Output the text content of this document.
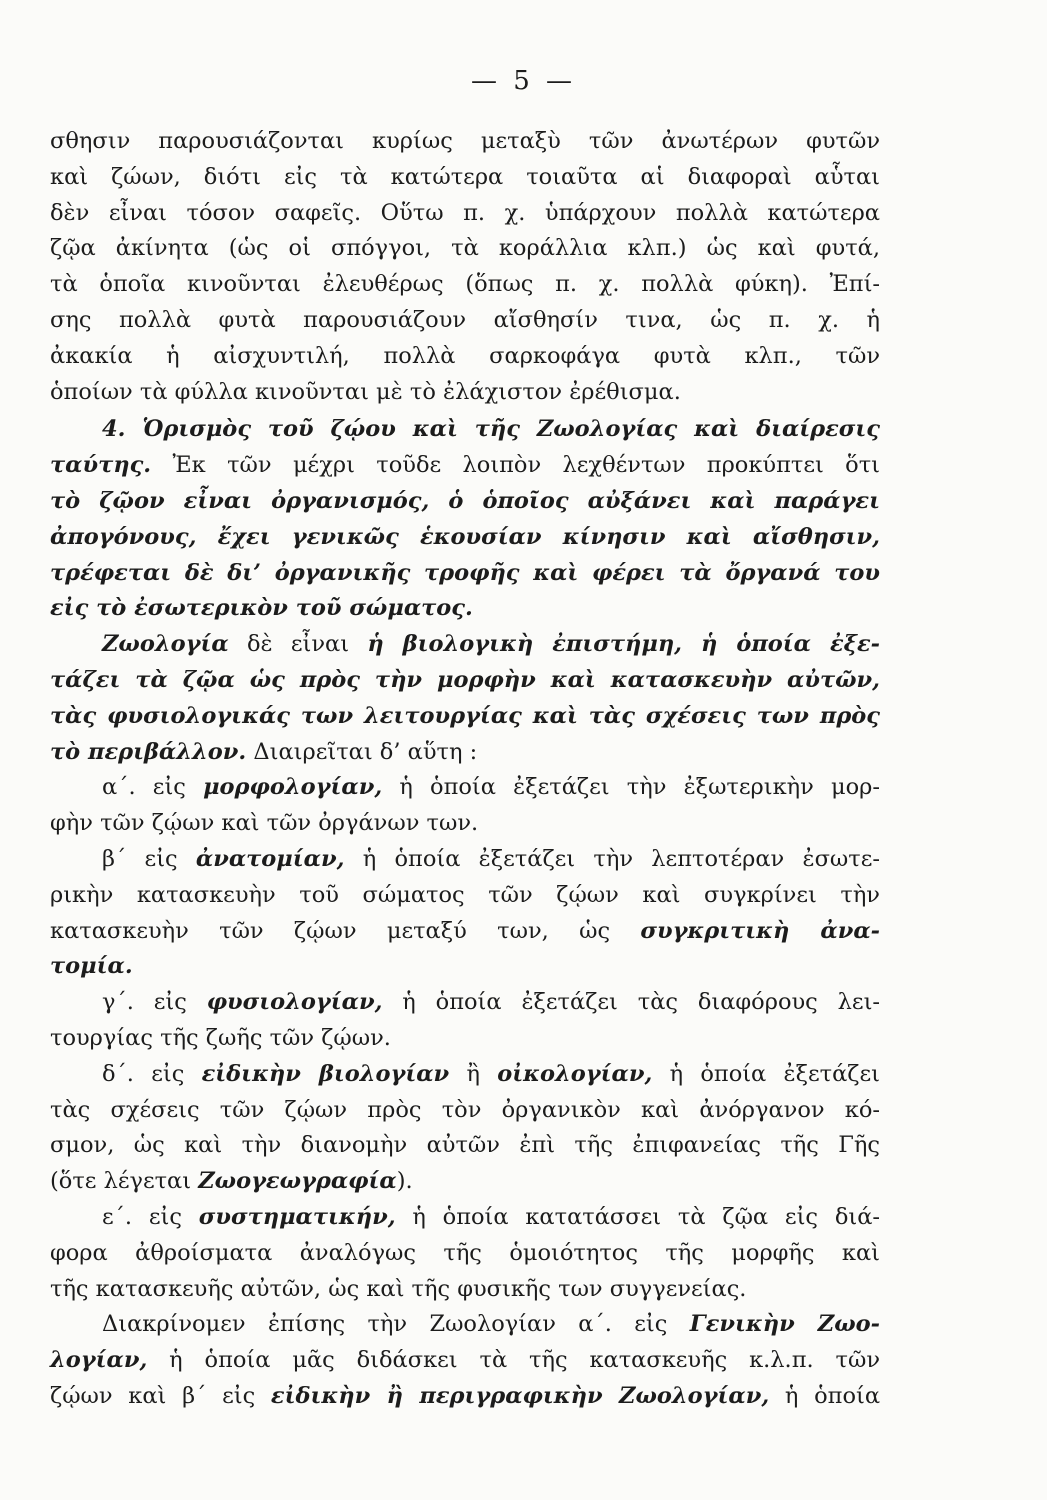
— 5 —
σθησιν παρουσιάζονται κυρίως μεταξὺ τῶν ἀνωτέρων φυτῶν
καὶ ζώων, διότι εἰς τὰ κατώτερα τοιαῦτα αἱ διαφοραὶ αὗται
δὲν εἶναι τόσον σαφεῖς. Οὕτω π. χ. ὑπάρχουν πολλὰ κατώτερα
ζῷα ἀκίνητα (ὡς οἱ σπόγγοι, τὰ κοράλλια κλπ.) ὡς καὶ φυτά,
τὰ ὁποῖα κινοῦνται ἐλευθέρως (ὅπως π. χ. πολλὰ φύκη). Ἐπί-
σης πολλὰ φυτὰ παρουσιάζουν αἴσθησίν τινα, ὡς π. χ. ἡ
ἀκακία ἡ αἰσχυντιλή, πολλὰ σαρκοφάγα φυτὰ κλπ., τῶν
ὁποίων τὰ φύλλα κινοῦνται μὲ τὸ ἐλάχιστον ἐρέθισμα.
4. Ὁρισμὸς τοῦ ζῴου καὶ τῆς Ζωολογίας καὶ διαίρεσις
ταύτης. Ἐκ τῶν μέχρι τοῦδε λοιπὸν λεχθέντων προκύπτει ὅτι
τὸ ζῷον εἶναι ὀργανισμός, ὁ ὁποῖος αὐξάνει καὶ παράγει
ἀπογόνους, ἔχει γενικῶς ἑκουσίαν κίνησιν καὶ αἴσθησιν,
τρέφεται δὲ δι’ ὀργανικῆς τροφῆς καὶ φέρει τὰ ὄργανά του
εἰς τὸ ἐσωτερικὸν τοῦ σώματος.
Ζωολογία δὲ εἶναι ἡ βιολογικὴ ἐπιστήμη, ἡ ὁποία ἐξε-
τάζει τὰ ζῷα ὡς πρὸς τὴν μορφὴν καὶ κατασκευὴν αὐτῶν,
τὰς φυσιολογικάς των λειτουργίας καὶ τὰς σχέσεις των πρὸς
τὸ περιβάλλον. Διαιρεῖται δ’ αὕτη :
α΄. εἰς μορφολογίαν, ἡ ὁποία ἐξετάζει τὴν ἐξωτερικὴν μορ-
φὴν τῶν ζῴων καὶ τῶν ὀργάνων των.
β΄ εἰς ἀνατομίαν, ἡ ὁποία ἐξετάζει τὴν λεπτοτέραν ἐσωτε-
ρικὴν κατασκευὴν τοῦ σώματος τῶν ζῴων καὶ συγκρίνει τὴν
κατασκευὴν τῶν ζῴων μεταξύ των, ὡς συγκριτικὴ ἀνα-
τομία.
γ΄. εἰς φυσιολογίαν, ἡ ὁποία ἐξετάζει τὰς διαφόρους λει-
τουργίας τῆς ζωῆς τῶν ζῴων.
δ΄. εἰς εἰδικὴν βιολογίαν ἢ οἰκολογίαν, ἡ ὁποία ἐξετάζει
τὰς σχέσεις τῶν ζῴων πρὸς τὸν ὀργανικὸν καὶ ἀνόργανον κό-
σμον, ὡς καὶ τὴν διανομὴν αὐτῶν ἐπὶ τῆς ἐπιφανείας τῆς Γῆς
(ὅτε λέγεται Ζωογεωγραφία).
ε΄. εἰς συστηματικήν, ἡ ὁποία κατατάσσει τὰ ζῷα εἰς διά-
φορα ἀθροίσματα ἀναλόγως τῆς ὁμοιότητος τῆς μορφῆς καὶ
τῆς κατασκευῆς αὐτῶν, ὡς καὶ τῆς φυσικῆς των συγγενείας.
Διακρίνομεν ἐπίσης τὴν Ζωολογίαν α΄. εἰς Γενικὴν Ζωο-
λογίαν, ἡ ὁποία μᾶς διδάσκει τὰ τῆς κατασκευῆς κ.λ.π. τῶν
ζῴων καὶ β΄ εἰς εἰδικὴν ἢ περιγραφικὴν Ζωολογίαν, ἡ ὁποία
